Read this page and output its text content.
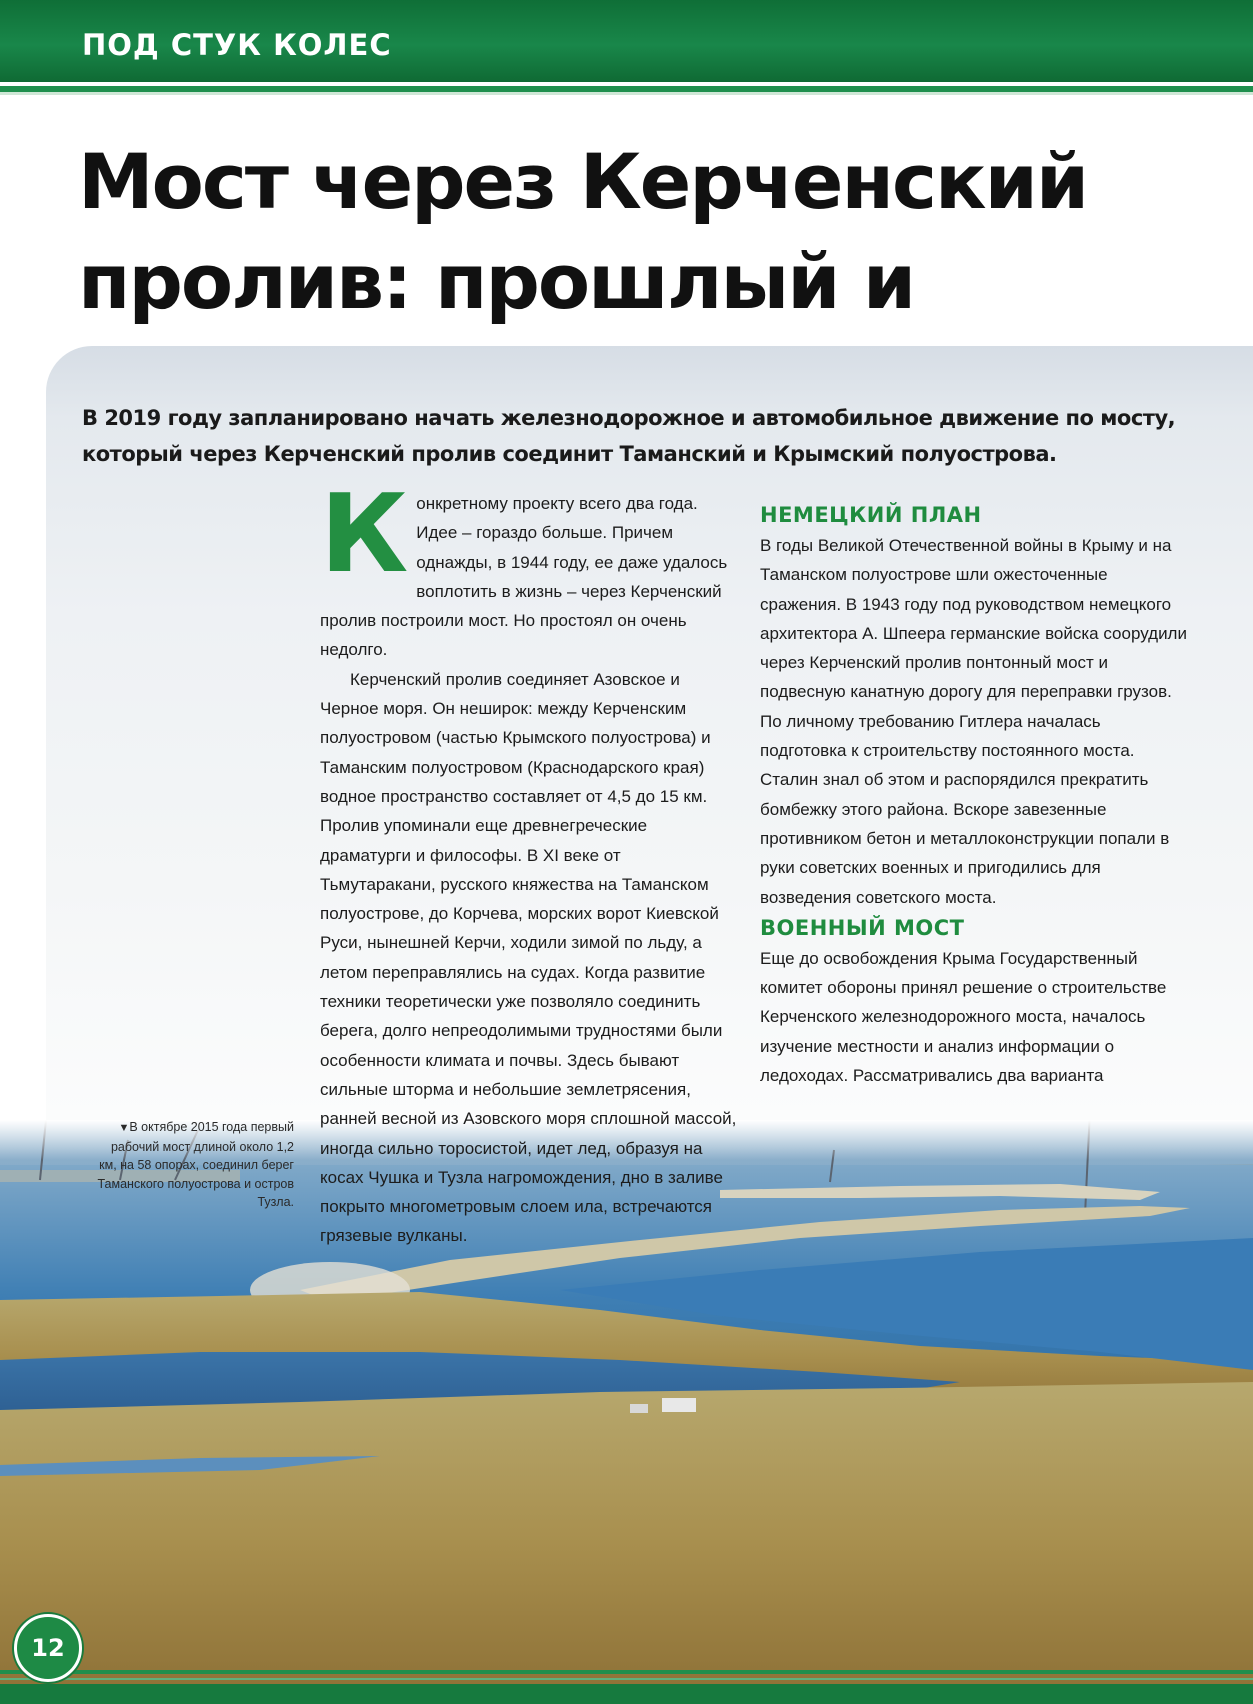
ПОД СТУК КОЛЕС

Мост через Керченский
пролив: прошлый и

В 2019 году запланировано начать железнодорожное и автомобильное движение по мосту,
который через Керченский пролив соединит Таманский и Крымский полуострова.

Конкретному проекту всего два года. Идее – гораздо больше. Причем однажды, в 1944 году, ее даже удалось воплотить в жизнь – через Керченский пролив построили мост. Но простоял он очень недолго.

Керченский пролив соединяет Азовское и Черное моря. Он неширок: между Керченским полуостровом (частью Крымского полуострова) и Таманским полуостровом (Краснодарского края) водное пространство составляет от 4,5 до 15 км. Пролив упоминали еще древнегреческие драматурги и философы. В XI веке от Тьмутаракани, русского княжества на Таманском полуострове, до Корчева, морских ворот Киевской Руси, нынешней Керчи, ходили зимой по льду, а летом переправлялись на судах. Когда развитие техники теоретически уже позволяло соединить берега, долго непреодолимыми трудностями были особенности климата и почвы. Здесь бывают сильные шторма и небольшие землетрясения, ранней весной из Азовского моря сплошной массой, иногда сильно торосистой, идет лед, образуя на косах Чушка и Тузла нагромождения, дно в заливе покрыто многометровым слоем ила, встречаются грязевые вулканы.

НЕМЕЦКИЙ ПЛАН

В годы Великой Отечественной войны в Крыму и на Таманском полуострове шли ожесточенные сражения. В 1943 году под руководством немецкого архитектора А. Шпеера германские войска соорудили через Керченский пролив понтонный мост и подвесную канатную дорогу для переправки грузов. По личному требованию Гитлера началась подготовка к строительству постоянного моста. Сталин знал об этом и распорядился прекратить бомбежку этого района. Вскоре завезенные противником бетон и металлоконструкции попали в руки советских военных и пригодились для возведения советского моста.

ВОЕННЫЙ МОСТ

Еще до освобождения Крыма Государственный комитет обороны принял решение о строительстве Керченского железнодорожного моста, началось изучение местности и анализ информации о ледоходах. Рассматривались два варианта

▼В октябре 2015 года первый рабочий мост длиной около 1,2 км, на 58 опорах, соединил берег Таманского полуострова и остров Тузла.

12
